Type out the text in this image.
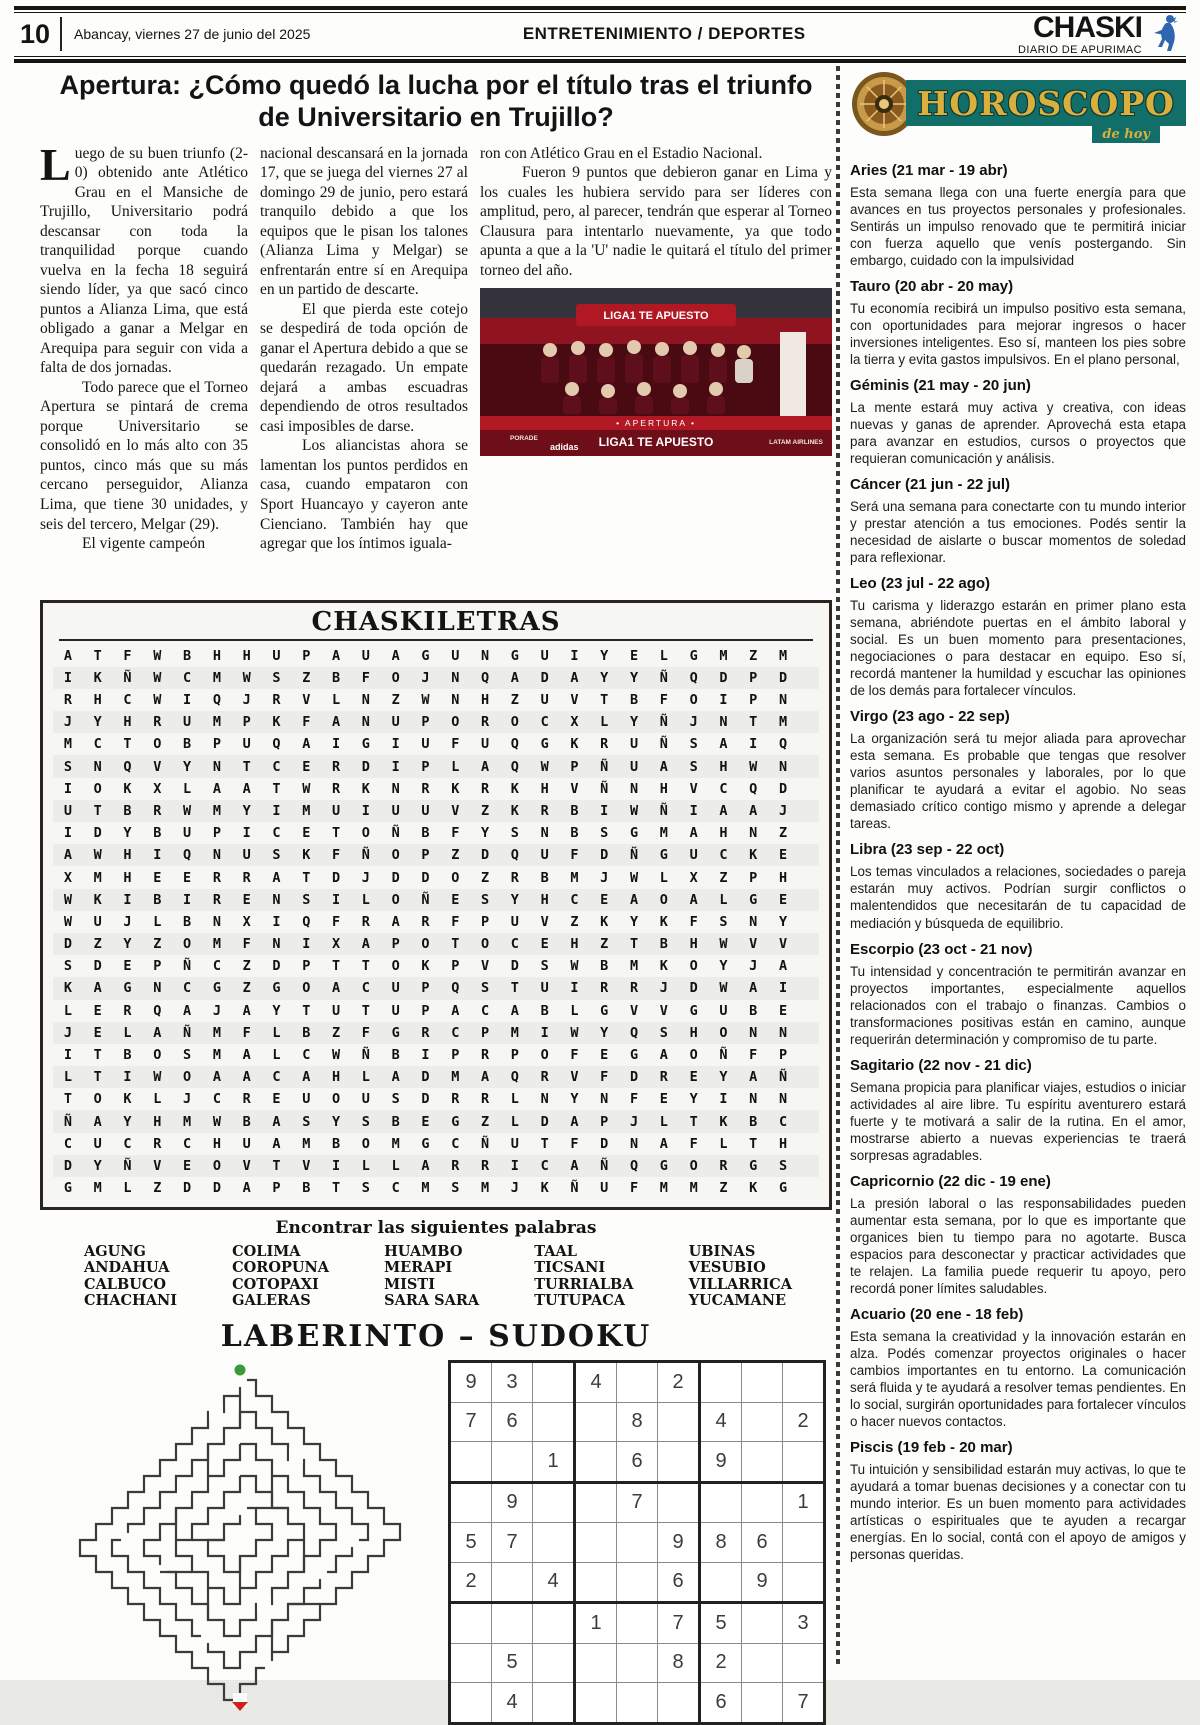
10	Abancay, viernes 27 de junio del 2025	ENTRETENIMIENTO / DEPORTES	CHASKI
DIARIO DE APURIMAC
Apertura: ¿Cómo quedó la lucha por el título tras el triunfo de Universitario en Trujillo?

Luego de su buen triunfo (2-0) obtenido ante Atlético Grau en el Mansiche de Trujillo, Universitario podrá descansar con toda la tranquilidad porque cuando vuelva en la fecha 18 seguirá siendo líder, ya que sacó cinco puntos a Alianza Lima, que está obligado a ganar a Melgar en Arequipa para seguir con vida a falta de dos jornadas.

Todo parece que el Torneo Apertura se pintará de crema porque Universitario se consolidó en lo más alto con 35 puntos, cinco más que su más cercano perseguidor, Alianza Lima, que tiene 30 unidades, y seis del tercero, Melgar (29).

El vigente campeón

nacional descansará en la jornada 17, que se juega del viernes 27 al domingo 29 de junio, pero estará tranquilo debido a que los equipos que le pisan los talones (Alianza Lima y Melgar) se enfrentarán entre sí en Arequipa en un partido de descarte.

El que pierda este cotejo se despedirá de toda opción de ganar el Apertura debido a que se quedarán rezagado. Un empate dejará a ambas escuadras dependiendo de otros resultados casi imposibles de darse.

Los aliancistas ahora se lamentan los puntos perdidos en casa, cuando empataron con Sport Huancayo y cayeron ante Cienciano. También hay que agregar que los íntimos iguala-

ron con Atlético Grau en el Estadio Nacional.

Fueron 9 puntos que debieron ganar en Lima y los cuales les hubiera servido para ser líderes con amplitud, pero, al parecer, tendrán que esperar al Torneo Clausura para intentarlo nuevamente, ya que todo apunta a que a la 'U' nadie le quitará el título del primer torneo del año.

LIGA1 TE APUESTO
• APERTURA •
PORADE
adidas LIGA1 TE APUESTO	LATAM AIRLINES
CHASKILETRAS
A	T	F	W	B	H	H	U	P	A	U	A	G	U	N	G	U	I	Y	E	L	G	M	Z	M
I	K	Ñ	W	C	M	W	S	Z	B	F	O	J	N	Q	A	D	A	Y	Y	Ñ	Q	D	P	D
R	H	C	W	I	Q	J	R	V	L	N	Z	W	N	H	Z	U	V	T	B	F	O	I	P	N
J	Y	H	R	U	M	P	K	F	A	N	U	P	O	R	O	C	X	L	Y	Ñ	J	N	T	M
M	C	T	O	B	P	U	Q	A	I	G	I	U	F	U	Q	G	K	R	U	Ñ	S	A	I	Q
S	N	Q	V	Y	N	T	C	E	R	D	I	P	L	A	Q	W	P	Ñ	U	A	S	H	W	N
I	O	K	X	L	A	A	T	W	R	K	N	R	K	R	K	H	V	Ñ	N	H	V	C	Q	D
U	T	B	R	W	M	Y	I	M	U	I	U	U	V	Z	K	R	B	I	W	Ñ	I	A	A	J
I	D	Y	B	U	P	I	C	E	T	O	Ñ	B	F	Y	S	N	B	S	G	M	A	H	N	Z
A	W	H	I	Q	N	U	S	K	F	Ñ	O	P	Z	D	Q	U	F	D	Ñ	G	U	C	K	E
X	M	H	E	E	R	R	A	T	D	J	D	D	O	Z	R	B	M	J	W	L	X	Z	P	H
W	K	I	B	I	R	E	N	S	I	L	O	Ñ	E	S	Y	H	C	E	A	O	A	L	G	E
W	U	J	L	B	N	X	I	Q	F	R	A	R	F	P	U	V	Z	K	Y	K	F	S	N	Y
D	Z	Y	Z	O	M	F	N	I	X	A	P	O	T	O	C	E	H	Z	T	B	H	W	V	V
S	D	E	P	Ñ	C	Z	D	P	T	T	O	K	P	V	D	S	W	B	M	K	O	Y	J	A
K	A	G	N	C	G	Z	G	O	A	C	U	P	Q	S	T	U	I	R	R	J	D	W	A	I
L	E	R	Q	A	J	A	Y	T	U	T	U	P	A	C	A	B	L	G	V	V	G	U	B	E
J	E	L	A	Ñ	M	F	L	B	Z	F	G	R	C	P	M	I	W	Y	Q	S	H	O	N	N
I	T	B	O	S	M	A	L	C	W	Ñ	B	I	P	R	P	O	F	E	G	A	O	Ñ	F	P
L	T	I	W	O	A	A	C	A	H	L	A	D	M	A	Q	R	V	F	D	R	E	Y	A	Ñ
T	O	K	L	J	C	R	E	U	O	U	S	D	R	R	L	N	Y	N	F	E	Y	I	N	N
Ñ	A	Y	H	M	W	B	A	S	Y	S	B	E	G	Z	L	D	A	P	J	L	T	K	B	C
C	U	C	R	C	H	U	A	M	B	O	M	G	C	Ñ	U	T	F	D	N	A	F	L	T	H
D	Y	Ñ	V	E	O	V	T	V	I	L	L	A	R	R	I	C	A	Ñ	Q	G	O	R	G	S
G	M	L	Z	D	D	A	P	B	T	S	C	M	S	M	J	K	Ñ	U	F	M	M	Z	K	G
Encontrar las siguientes palabras
AGUNG
ANDAHUA
CALBUCO
CHACHANI
COLIMA
COROPUNA
COTOPAXI
GALERAS
HUAMBO
MERAPI
MISTI
SARA SARA
TAAL
TICSANI
TURRIALBA
TUTUPACA
UBINAS
VESUBIO
VILLARRICA
YUCAMANE
LABERINTO – SUDOKU
9	3		4		2			
7	6			8		4		2
		1		6		9		
	9			7				1
5	7				9	8	6	
2		4			6		9	
			1		7	5		3
	5				8	2		
	4					6		7
HOROSCOPO
de hoy
Aries (21 mar - 19 abr)

Esta semana llega con una fuerte energía para que avances en tus proyectos personales y profesionales. Sentirás un impulso renovado que te permitirá iniciar con fuerza aquello que venís postergando. Sin embargo, cuidado con la impulsividad

Tauro (20 abr - 20 may)

Tu economía recibirá un impulso positivo esta semana, con oportunidades para mejorar ingresos o hacer inversiones inteligentes. Eso sí, manteen los pies sobre la tierra y evita gastos impulsivos. En el plano personal,

Géminis (21 may - 20 jun)

La mente estará muy activa y creativa, con ideas nuevas y ganas de aprender. Aprovechá esta etapa para avanzar en estudios, cursos o proyectos que requieran comunicación y análisis.

Cáncer (21 jun - 22 jul)

Será una semana para conectarte con tu mundo interior y prestar atención a tus emociones. Podés sentir la necesidad de aislarte o buscar momentos de soledad para reflexionar.

Leo (23 jul - 22 ago)

Tu carisma y liderazgo estarán en primer plano esta semana, abriéndote puertas en el ámbito laboral y social. Es un buen momento para presentaciones, negociaciones o para destacar en equipo. Eso sí, recordá mantener la humildad y escuchar las opiniones de los demás para fortalecer vínculos.

Virgo (23 ago - 22 sep)

La organización será tu mejor aliada para aprovechar esta semana. Es probable que tengas que resolver varios asuntos personales y laborales, por lo que planificar te ayudará a evitar el agobio. No seas demasiado crítico contigo mismo y aprende a delegar tareas.

Libra (23 sep - 22 oct)

Los temas vinculados a relaciones, sociedades o pareja estarán muy activos. Podrían surgir conflictos o malentendidos que necesitarán de tu capacidad de mediación y búsqueda de equilibrio.

Escorpio (23 oct - 21 nov)

Tu intensidad y concentración te permitirán avanzar en proyectos importantes, especialmente aquellos relacionados con el trabajo o finanzas. Cambios o transformaciones positivas están en camino, aunque requerirán determinación y compromiso de tu parte.

Sagitario (22 nov - 21 dic)

Semana propicia para planificar viajes, estudios o iniciar actividades al aire libre. Tu espíritu aventurero estará fuerte y te motivará a salir de la rutina. En el amor, mostrarse abierto a nuevas experiencias te traerá sorpresas agradables.

Capricornio (22 dic - 19 ene)

La presión laboral o las responsabilidades pueden aumentar esta semana, por lo que es importante que organices bien tu tiempo para no agotarte. Busca espacios para desconectar y practicar actividades que te relajen. La familia puede requerir tu apoyo, pero recordá poner límites saludables.

Acuario (20 ene - 18 feb)

Esta semana la creatividad y la innovación estarán en alza. Podés comenzar proyectos originales o hacer cambios importantes en tu entorno. La comunicación será fluida y te ayudará a resolver temas pendientes. En lo social, surgirán oportunidades para fortalecer vínculos o hacer nuevos contactos.

Piscis (19 feb - 20 mar)

Tu intuición y sensibilidad estarán muy activas, lo que te ayudará a tomar buenas decisiones y a conectar con tu mundo interior. Es un buen momento para actividades artísticas o espirituales que te ayuden a recargar energías. En lo social, contá con el apoyo de amigos y personas queridas.
